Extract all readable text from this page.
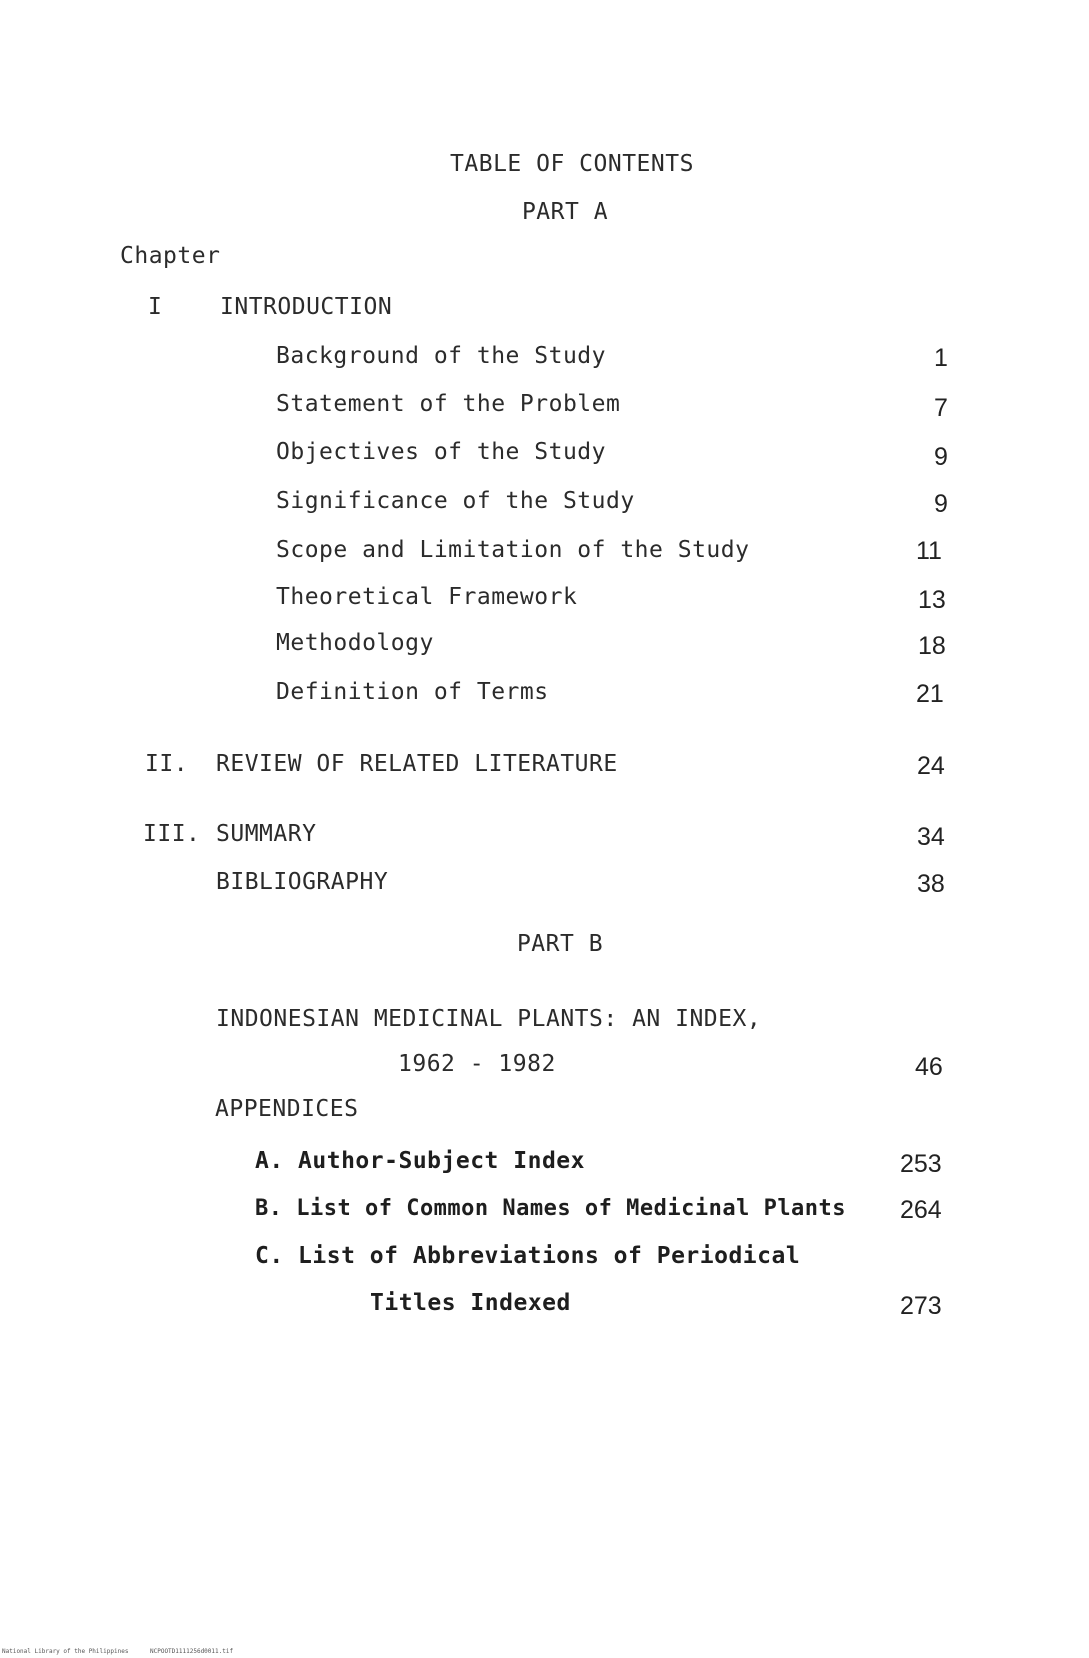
TABLE OF CONTENTS
PART A
Chapter
I	INTRODUCTION
Background of the Study	1
Statement of the Problem	7
Objectives of the Study	9
Significance of the Study	9
Scope and Limitation of the Study	11
Theoretical Framework	13
Methodology	18
Definition of Terms	21
II. REVIEW OF RELATED LITERATURE	24
III. SUMMARY	34
BIBLIOGRAPHY	38
PART B
INDONESIAN MEDICINAL PLANTS: AN INDEX,
1962 - 1982	46
APPENDICES
A. Author-Subject Index	253
B. List of Common Names of Medicinal Plants 264
C. List of Abbreviations of Periodical
Titles Indexed	273
National Library of the Philippines	NCPOOTD1111256d0011.tif
